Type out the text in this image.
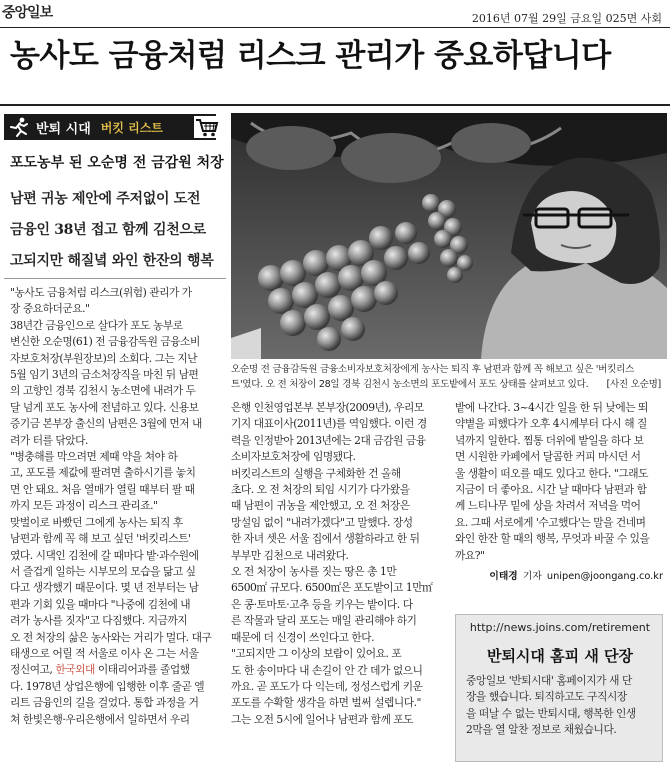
중앙일보	2016년 07월 29일 금요일 025면 사회
농사도 금융처럼 리스크 관리가 중요하답니다
반퇴 시대 버킷 리스트
포도농부 된 오순명 전 금감원 처장
남편 귀농 제안에 주저없이 도전
금융인 38년 접고 함께 김천으로
고되지만 해질녘 와인 한잔의 행복
오순명 전 금융감독원 금융소비자보호처장에게 농사는 퇴직 후 남편과 함께 꼭 해보고 싶은 '버킷리스
트'였다. 오 전 처장이 28일 경북 김천시 농소면의 포도밭에서 포도 상태를 살펴보고 있다. [사진 오순명]
"농사도 금융처럼 리스크(위험) 관리가 가
장 중요하더군요."
38년간 금융인으로 살다가 포도 농부로
변신한 오순명(61) 전 금융감독원 금융소비
자보호처장(부원장보)의 소회다. 그는 지난
5월 임기 3년의 금소처장직을 마친 뒤 남편
의 고향인 경북 김천시 농소면에 내려가 두
달 넘게 포도 농사에 전념하고 있다. 신용보
증기금 본부장 출신의 남편은 3월에 먼저 내
려가 터를 닦았다.
"병충해를 막으려면 제때 약을 쳐야 하
고, 포도를 제값에 팔려면 출하시기를 놓치
면 안 돼요. 처음 열매가 열릴 때부터 팔 때
까지 모든 과정이 리스크 관리죠."
맞벌이로 바빴던 그에게 농사는 퇴직 후
남편과 함께 꼭 해 보고 싶던 '버킷리스트'
였다. 시댁인 김천에 갈 때마다 밭·과수원에
서 즐겁게 일하는 시부모의 모습을 닮고 싶
다고 생각했기 때문이다. 몇 년 전부터는 남
편과 기회 있을 때마다 "나중에 김천에 내
려가 농사를 짓자"고 다짐했다. 지금까지
오 전 처장의 삶은 농사와는 거리가 멀다. 대구
태생으로 어릴 적 서울로 이사 온 그는 서울
정신여고, 한국외대 이태리어과를 졸업했
다. 1978년 상업은행에 입행한 이후 줄곧 엘
리트 금융인의 길을 걸었다. 통합 과정을 거
쳐 한빛은행·우리은행에서 일하면서 우리
은행 인천영업본부 본부장(2009년), 우리모
기지 대표이사(2011년)를 역임했다. 이런 경
력을 인정받아 2013년에는 2대 금감원 금융
소비자보호처장에 임명됐다.
버킷리스트의 실행을 구체화한 건 올해
초다. 오 전 처장의 퇴임 시기가 다가왔을
때 남편이 귀농을 제안했고, 오 전 처장은
망설임 없이 "내려가겠다"고 말했다. 장성
한 자녀 셋은 서울 집에서 생활하라고 한 뒤
부부만 김천으로 내려왔다.
오 전 처장이 농사를 짓는 땅은 총 1만
6500㎡ 규모다. 6500㎡은 포도밭이고 1만㎡
은 콩·토마토·고추 등을 키우는 밭이다. 다
른 작물과 달리 포도는 매일 관리해야 하기
때문에 더 신경이 쓰인다고 한다.
"고되지만 그 이상의 보람이 있어요. 포
도 한 송이마다 내 손길이 안 간 데가 없으니
까요. 곧 포도가 다 익는데, 정성스럽게 키운
포도를 수확할 생각을 하면 벌써 설렙니다."
그는 오전 5시에 일어나 남편과 함께 포도
밭에 나간다. 3~4시간 일을 한 뒤 낮에는 뙤
약볕을 피했다가 오후 4시께부터 다시 해 질
녘까지 일한다. 찜통 더위에 밭일을 하다 보
면 시원한 카페에서 달콤한 커피 마시던 서
울 생활이 떠오를 때도 있다고 한다. "그래도
지금이 더 좋아요. 시간 날 때마다 남편과 함
께 느티나무 밑에 상을 차려서 저녁을 먹어
요. 그때 서로에게 '수고했다'는 말을 건네며
와인 한잔 할 때의 행복, 무엇과 바꿀 수 있을
까요?"
이태경 기자 unipen@joongang.co.kr
http://news.joins.com/retirement
반퇴시대 홈피 새 단장
중앙일보 '반퇴시대' 홈페이지가 새 단
장을 했습니다. 퇴직하고도 구직시장
을 떠날 수 없는 반퇴시대, 행복한 인생
2막을 열 알찬 정보로 채웠습니다.
